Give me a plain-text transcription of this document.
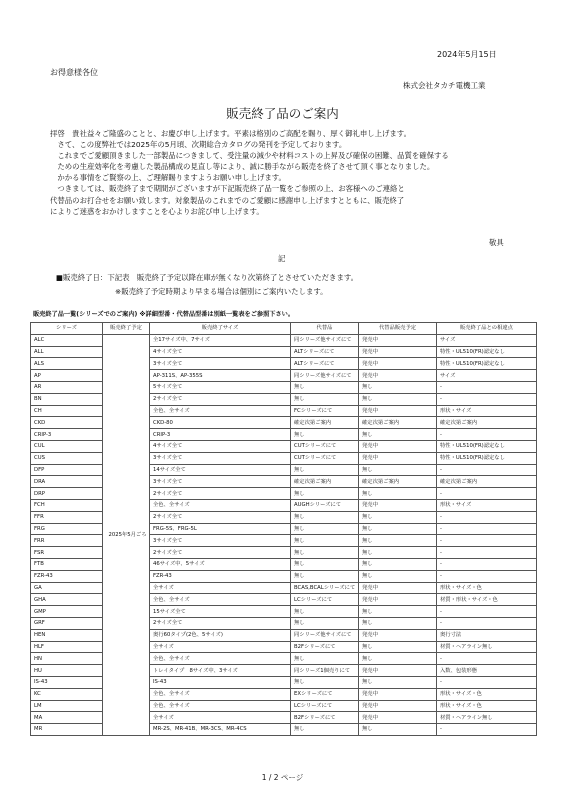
2024年5月15日
お得意様各位
株式会社タカチ電機工業
販売終了品のご案内
拝啓　貴社益々ご隆盛のことと、お慶び申し上げます。平素は格別のご高配を賜り、厚く御礼申し上げます。
　さて、この度弊社では2025年の5月頃、次期総合カタログの発刊を予定しております。
　これまでご愛顧頂きました一部製品につきまして、受注量の減少や材料コストの上昇及び確保の困難、品質を確保する
　ための生産効率化を考慮した製品構成の見直し等により、誠に勝手ながら販売を終了させて頂く事となりました。
　かかる事情をご賢察の上、ご理解賜りますようお願い申し上げます。
　つきましては、販売終了まで期間がございますが下記販売終了品一覧をご参照の上、お客様へのご連絡と
代替品のお打合せをお願い致します。対象製品のこれまでのご愛顧に感謝申し上げますとともに、販売終了
によりご迷惑をおかけしますことを心よりお詫び申し上げます。
敬具
記
■販売終了日：下記表　販売終了予定以降在庫が無くなり次第終了とさせていただきます。
※販売終了予定時期より早まる場合は個別にご案内いたします。
販売終了品一覧(シリーズでのご案内) ※詳細型番・代替品型番は別紙一覧表をご参照下さい。
シリーズ	販売終了予定	販売終了サイズ	代替品	代替品販売予定	販売終了品との相違点
ALC	2025年5月ごろ	全17サイズ中、7サイズ	同シリーズ他サイズにて	発売中	サイズ
ALL		4サイズ全て	ALTシリーズにて	発売中	特性・UL510(FR)認定なし
ALS		3サイズ全て	ALTシリーズにて	発売中	特性・UL510(FR)認定なし
AP		AP-311S、AP-355S	同シリーズ他サイズにて	発売中	サイズ
AR		5サイズ全て	無し	無し	-
BN		2サイズ全て	無し	無し	-
CH		全色、全サイズ	FCシリーズにて	発売中	形状・サイズ
CKD		CKD-80	確定次第ご案内	確定次第ご案内	確定次第ご案内
CRIP-3		CRIP-3	無し	無し	-
CUL		4サイズ全て	CUTシリーズにて	発売中	特性・UL510(FR)認定なし
CUS		3サイズ全て	CUTシリーズにて	発売中	特性・UL510(FR)認定なし
DFP		14サイズ全て	無し	無し	-
DRA		3サイズ全て	確定次第ご案内	確定次第ご案内	確定次第ご案内
DRP		2サイズ全て	無し	無し	-
FCH		全色、全サイズ	AUGHシリーズにて	発売中	形状・サイズ
FFR		2サイズ全て	無し	無し	-
FRG		FRG-5S、FRG-5L	無し	無し	-
FRR		3サイズ全て	無し	無し	-
FSR		2サイズ全て	無し	無し	-
FTB		46サイズ中、5サイズ	無し	無し	-
FZR-43		FZR-43	無し	無し	-
GA		全サイズ	BCAS,BCALシリーズにて	発売中	形状・サイズ・色
GHA		全色、全サイズ	LCシリーズにて	発売中	材質・形状・サイズ・色
GMP		15サイズ全て	無し	無し	-
GRF		2サイズ全て	無し	無し	-
HEN		奥行60タイプ(2色、5サイズ)	同シリーズ他サイズにて	発売中	奥行寸法
HLF		全サイズ	B2Fシリーズにて	無し	材質・ヘアライン無し
HN		全色、全サイズ	無し	無し	-
HU		トレイタイプ　8サイズ中、3サイズ	同シリーズ1個売りにて	発売中	入数、包装形態
IS-43		IS-43	無し	無し	-
KC		全色、全サイズ	EXシリーズにて	発売中	形状・サイズ・色
LM		全色、全サイズ	LCシリーズにて	発売中	形状・サイズ・色
MA		全サイズ	B2Fシリーズにて	発売中	材質・ヘアライン無し
MR		MR-2S、MR-41B、MR-3CS、MR-4CS	無し	無し	-
1 / 2 ページ
